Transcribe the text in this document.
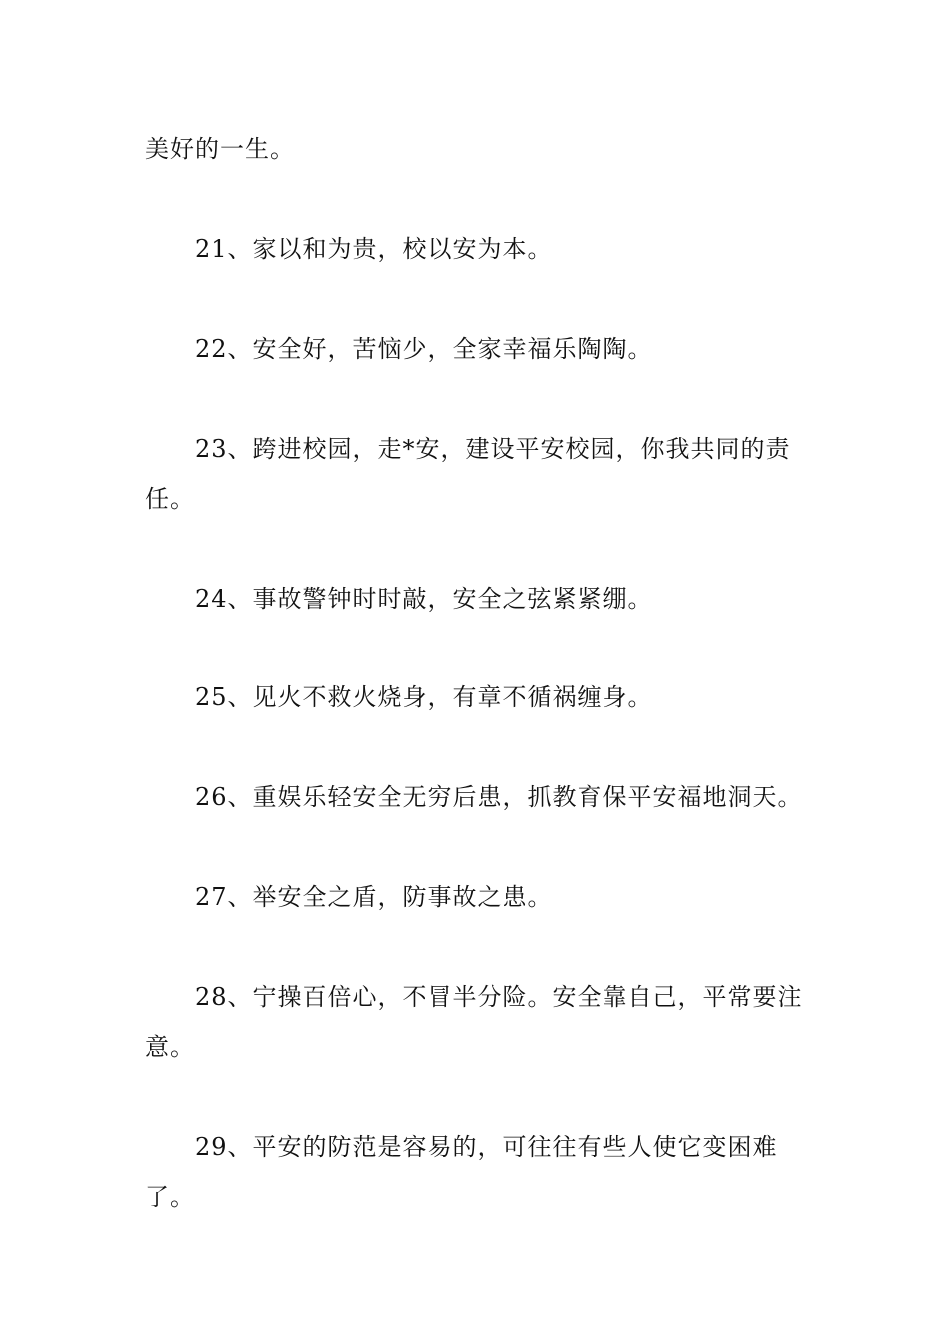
美好的一生。

21、家以和为贵，校以安为本。

22、安全好，苦恼少，全家幸福乐陶陶。

23、跨进校园，走*安，建设平安校园，你我共同的责任。

24、事故警钟时时敲，安全之弦紧紧绷。

25、见火不救火烧身，有章不循祸缠身。

26、重娱乐轻安全无穷后患，抓教育保平安福地洞天。

27、举安全之盾，防事故之患。

28、宁操百倍心，不冒半分险。安全靠自己，平常要注意。

29、平安的防范是容易的，可往往有些人使它变困难了。
